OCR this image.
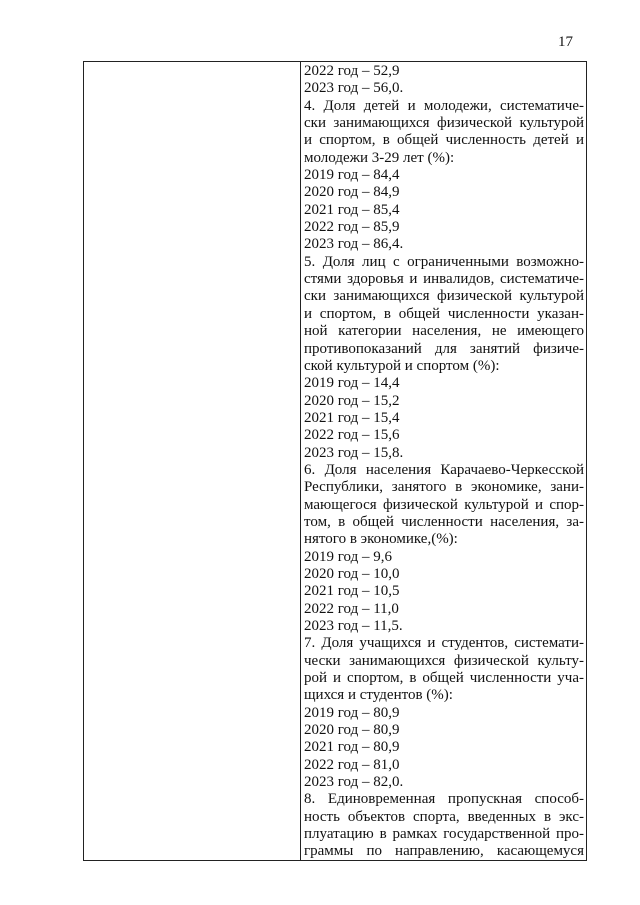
17
2022 год – 52,9
2023 год – 56,0.
4. Доля детей и молодежи, систематиче-
ски занимающихся физической культурой
и спортом, в общей численность детей и
молодежи 3-29 лет (%):
2019 год – 84,4
2020 год – 84,9
2021 год – 85,4
2022 год – 85,9
2023 год – 86,4.
5. Доля лиц с ограниченными возможно-
стями здоровья и инвалидов, систематиче-
ски занимающихся физической культурой
и спортом, в общей численности указан-
ной категории населения, не имеющего
противопоказаний для занятий физиче-
ской культурой и спортом (%):
2019 год – 14,4
2020 год – 15,2
2021 год – 15,4
2022 год – 15,6
2023 год – 15,8.
6. Доля населения Карачаево-Черкесской
Республики, занятого в экономике, зани-
мающегося физической культурой и спор-
том, в общей численности населения, за-
нятого в экономике,(%):
2019 год – 9,6
2020 год – 10,0
2021 год – 10,5
2022 год – 11,0
2023 год – 11,5.
7. Доля учащихся и студентов, системати-
чески занимающихся физической культу-
рой и спортом, в общей численности уча-
щихся и студентов (%):
2019 год – 80,9
2020 год – 80,9
2021 год – 80,9
2022 год – 81,0
2023 год – 82,0.
8. Единовременная пропускная способ-
ность объектов спорта, введенных в экс-
плуатацию в рамках государственной про-
граммы по направлению, касающемуся
